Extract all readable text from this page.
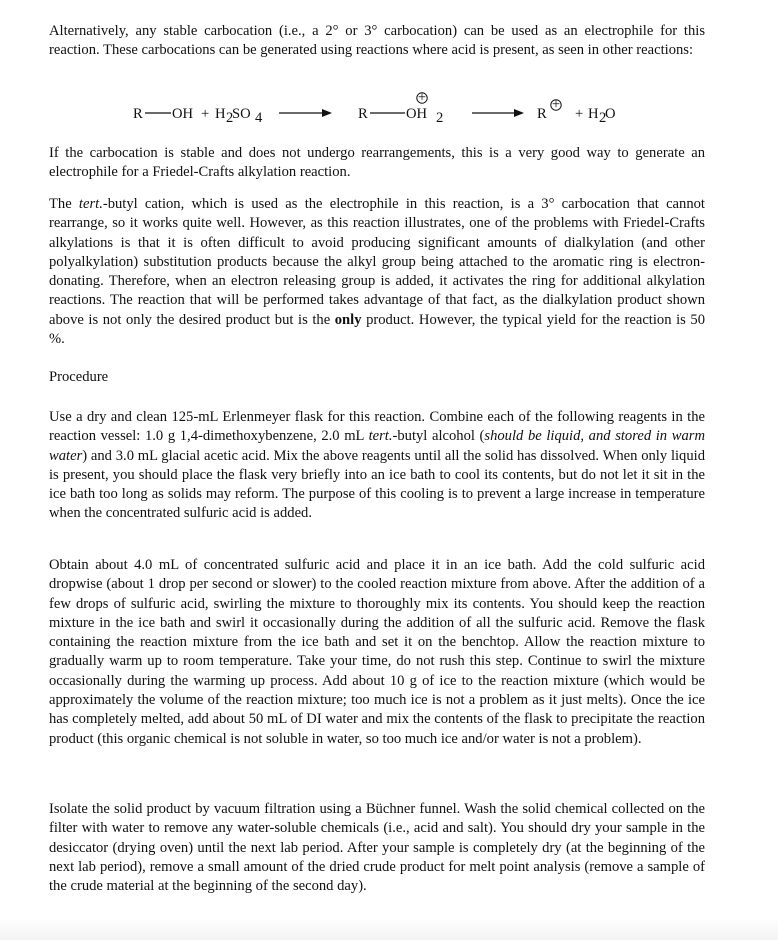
Alternatively, any stable carbocation (i.e., a 2° or 3° carbocation) can be used as an electrophile for this reaction. These carbocations can be generated using reactions where acid is present, as seen in other reactions:

R OH + H 2
SO 4	R	OH 2
+
R
+
+ H 2
O

If the carbocation is stable and does not undergo rearrangements, this is a very good way to generate an electrophile for a Friedel-Crafts alkylation reaction.

The tert.-butyl cation, which is used as the electrophile in this reaction, is a 3° carbocation that cannot rearrange, so it works quite well. However, as this reaction illustrates, one of the problems with Friedel-Crafts alkylations is that it is often difficult to avoid producing significant amounts of dialkylation (and other polyalkylation) substitution products because the alkyl group being attached to the aromatic ring is electron-donating. Therefore, when an electron releasing group is added, it activates the ring for additional alkylation reactions. The reaction that will be performed takes advantage of that fact, as the dialkylation product shown above is not only the desired product but is the only product. However, the typical yield for the reaction is 50 %.

Procedure

Use a dry and clean 125-mL Erlenmeyer flask for this reaction. Combine each of the following reagents in the reaction vessel: 1.0 g 1,4-dimethoxybenzene, 2.0 mL tert.-butyl alcohol (should be liquid, and stored in warm water) and 3.0 mL glacial acetic acid. Mix the above reagents until all the solid has dissolved. When only liquid is present, you should place the flask very briefly into an ice bath to cool its contents, but do not let it sit in the ice bath too long as solids may reform. The purpose of this cooling is to prevent a large increase in temperature when the concentrated sulfuric acid is added.

Obtain about 4.0 mL of concentrated sulfuric acid and place it in an ice bath. Add the cold sulfuric acid dropwise (about 1 drop per second or slower) to the cooled reaction mixture from above. After the addition of a few drops of sulfuric acid, swirling the mixture to thoroughly mix its contents. You should keep the reaction mixture in the ice bath and swirl it occasionally during the addition of all the sulfuric acid. Remove the flask containing the reaction mixture from the ice bath and set it on the benchtop. Allow the reaction mixture to gradually warm up to room temperature. Take your time, do not rush this step. Continue to swirl the mixture occasionally during the warming up process. Add about 10 g of ice to the reaction mixture (which would be approximately the volume of the reaction mixture; too much ice is not a problem as it just melts). Once the ice has completely melted, add about 50 mL of DI water and mix the contents of the flask to precipitate the reaction product (this organic chemical is not soluble in water, so too much ice and/or water is not a problem).

Isolate the solid product by vacuum filtration using a Büchner funnel. Wash the solid chemical collected on the filter with water to remove any water-soluble chemicals (i.e., acid and salt). You should dry your sample in the desiccator (drying oven) until the next lab period. After your sample is completely dry (at the beginning of the next lab period), remove a small amount of the dried crude product for melt point analysis (remove a sample of the crude material at the beginning of the second day).
